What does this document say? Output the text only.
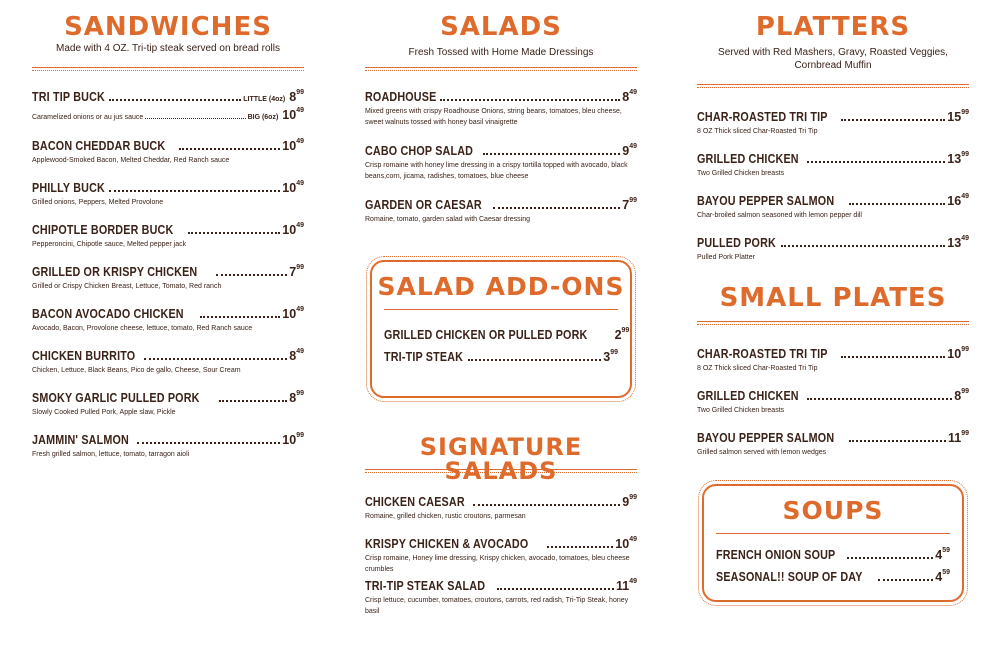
SANDWICHES
Made with 4 OZ. Tri-tip steak served on bread rolls
TRI TIP BUCK	LITTLE (4oz) $8^{99}$
Caramelized onions or au jus sauce	BIG (6oz) $10^{49}$
BACON CHEDDAR BUCK	$10^{49}$
Applewood-Smoked Bacon, Melted Cheddar, Red Ranch sauce
PHILLY BUCK	$10^{49}$
Grilled onions, Peppers, Melted Provolone
CHIPOTLE BORDER BUCK	$10^{49}$
Pepperoncini, Chipotle sauce, Melted pepper jack
GRILLED OR KRISPY CHICKEN	$7^{99}$
Grilled or Crispy Chicken Breast, Lettuce, Tomato, Red ranch
BACON AVOCADO CHICKEN	$10^{49}$
Avocado, Bacon, Provolone cheese, lettuce, tomato, Red Ranch sauce
CHICKEN BURRITO	$8^{49}$
Chicken, Lettuce, Black Beans, Pico de gallo, Cheese, Sour Cream
SMOKY GARLIC PULLED PORK	$8^{99}$
Slowly Cooked Pulled Pork, Apple slaw, Pickle
JAMMIN' SALMON	$10^{99}$
Fresh grilled salmon, lettuce, tomato, tarragon aioli
SALADS
Fresh Tossed with Home Made Dressings
ROADHOUSE	$8^{49}$
Mixed greens with crispy Roadhouse Onions, string beans, tomatoes, bleu cheese, sweet walnuts tossed with honey basil vinaigrette
CABO CHOP SALAD	$9^{49}$
Crisp romaine with honey lime dressing in a crispy tortilla topped with avocado, black beans,corn, jicama, radishes, tomatoes, blue cheese
GARDEN OR CAESAR	$7^{99}$
Romaine, tomato, garden salad with Caesar dressing
SALAD ADD-ONS
GRILLED CHICKEN OR PULLED PORK $2^{99}$
TRI-TIP STEAK	$3^{99}$
SIGNATURE SALADS
CHICKEN CAESAR	$9^{99}$
Romaine, grilled chicken, rustic croutons, parmesan
KRISPY CHICKEN & AVOCADO	$10^{49}$
Crisp romaine, Honey lime dressing, Krispy chicken, avocado, tomatoes, bleu cheese crumbles
TRI-TIP STEAK SALAD	$11^{49}$
Crisp lettuce, cucumber, tomatoes, croutons, carrots, red radish, Tri-Tip Steak, honey basil
PLATTERS
Served with Red Mashers, Gravy, Roasted Veggies, Cornbread Muffin
CHAR-ROASTED TRI TIP	$15^{99}$
8 OZ Thick sliced Char-Roasted Tri Tip
GRILLED CHICKEN	$13^{99}$
Two Grilled Chicken breasts
BAYOU PEPPER SALMON	$16^{49}$
Char-broiled salmon seasoned with lemon pepper dill
PULLED PORK	$13^{49}$
Pulled Pork Platter
SMALL PLATES
CHAR-ROASTED TRI TIP	$10^{99}$
8 OZ Thick sliced Char-Roasted Tri Tip
GRILLED CHICKEN	$8^{99}$
Two Grilled Chicken breasts
BAYOU PEPPER SALMON	$11^{99}$
Grilled salmon served with lemon wedges
SOUPS
FRENCH ONION SOUP	$4^{59}$
SEASONAL!! SOUP OF DAY	$4^{59}$
